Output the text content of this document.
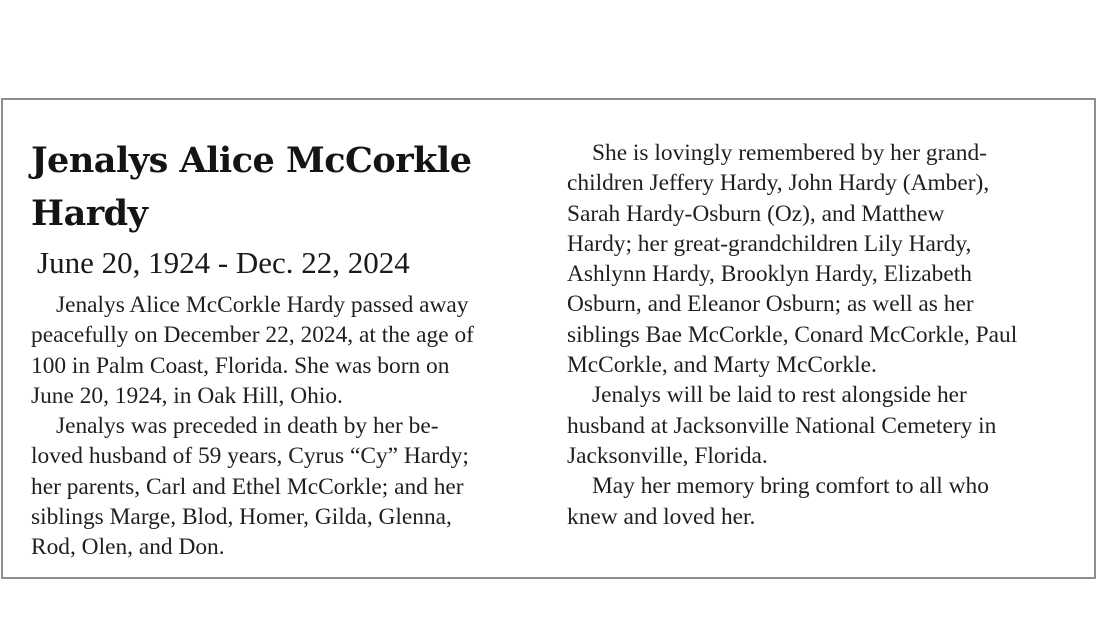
Jenalys Alice McCorkle
Hardy
June 20, 1924 - Dec. 22, 2024
Jenalys Alice McCorkle Hardy passed away
peacefully on December 22, 2024, at the age of
100 in Palm Coast, Florida. She was born on
June 20, 1924, in Oak Hill, Ohio.
Jenalys was preceded in death by her be-
loved husband of 59 years, Cyrus “Cy” Hardy;
her parents, Carl and Ethel McCorkle; and her
siblings Marge, Blod, Homer, Gilda, Glenna,
Rod, Olen, and Don.
She is lovingly remembered by her grand-
children Jeffery Hardy, John Hardy (Amber),
Sarah Hardy-Osburn (Oz), and Matthew
Hardy; her great-grandchildren Lily Hardy,
Ashlynn Hardy, Brooklyn Hardy, Elizabeth
Osburn, and Eleanor Osburn; as well as her
siblings Bae McCorkle, Conard McCorkle, Paul
McCorkle, and Marty McCorkle.
Jenalys will be laid to rest alongside her
husband at Jacksonville National Cemetery in
Jacksonville, Florida.
May her memory bring comfort to all who
knew and loved her.
